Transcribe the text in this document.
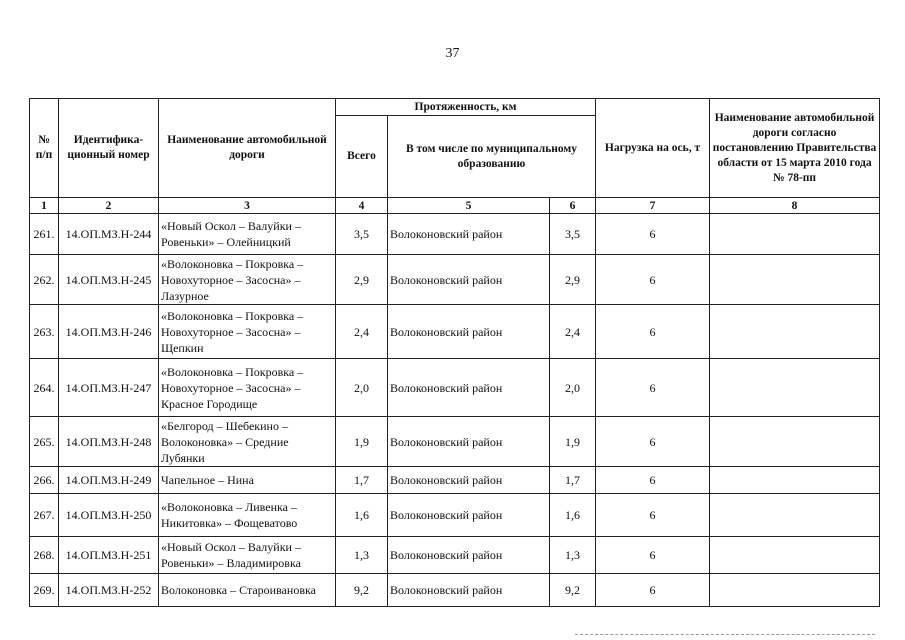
37
№ п/п	Идентифика-ционный номер	Наименование автомобильной дороги	Протяженность, км			Нагрузка на ось, т	Наименование автомобильной дороги согласно постановлению Правительства области от 15 марта 2010 года № 78-пп
			Всего	В том числе по муниципальному образованию			
1	2	3	4	5	6	7	8
261.	14.ОП.МЗ.Н-244	«Новый Оскол – Валуйки – Ровеньки» – Олейницкий	3,5	Волоконовский район	3,5	6	
262.	14.ОП.МЗ.Н-245	«Волоконовка – Покровка – Новохуторное – Засосна» – Лазурное	2,9	Волоконовский район	2,9	6	
263.	14.ОП.МЗ.Н-246	«Волоконовка – Покровка – Новохуторное – Засосна» – Щепкин	2,4	Волоконовский район	2,4	6	
264.	14.ОП.МЗ.Н-247	«Волоконовка – Покровка – Новохуторное – Засосна» – Красное Городище	2,0	Волоконовский район	2,0	6	
265.	14.ОП.МЗ.Н-248	«Белгород – Шебекино – Волоконовка» – Средние Лубянки	1,9	Волоконовский район	1,9	6	
266.	14.ОП.МЗ.Н-249	Чапельное – Нина	1,7	Волоконовский район	1,7	6	
267.	14.ОП.МЗ.Н-250	«Волоконовка – Ливенка – Никитовка» – Фощеватово	1,6	Волоконовский район	1,6	6	
268.	14.ОП.МЗ.Н-251	«Новый Оскол – Валуйки – Ровеньки» – Владимировка	1,3	Волоконовский район	1,3	6	
269.	14.ОП.МЗ.Н-252	Волоконовка – Староивановка	9,2	Волоконовский район	9,2	6	
